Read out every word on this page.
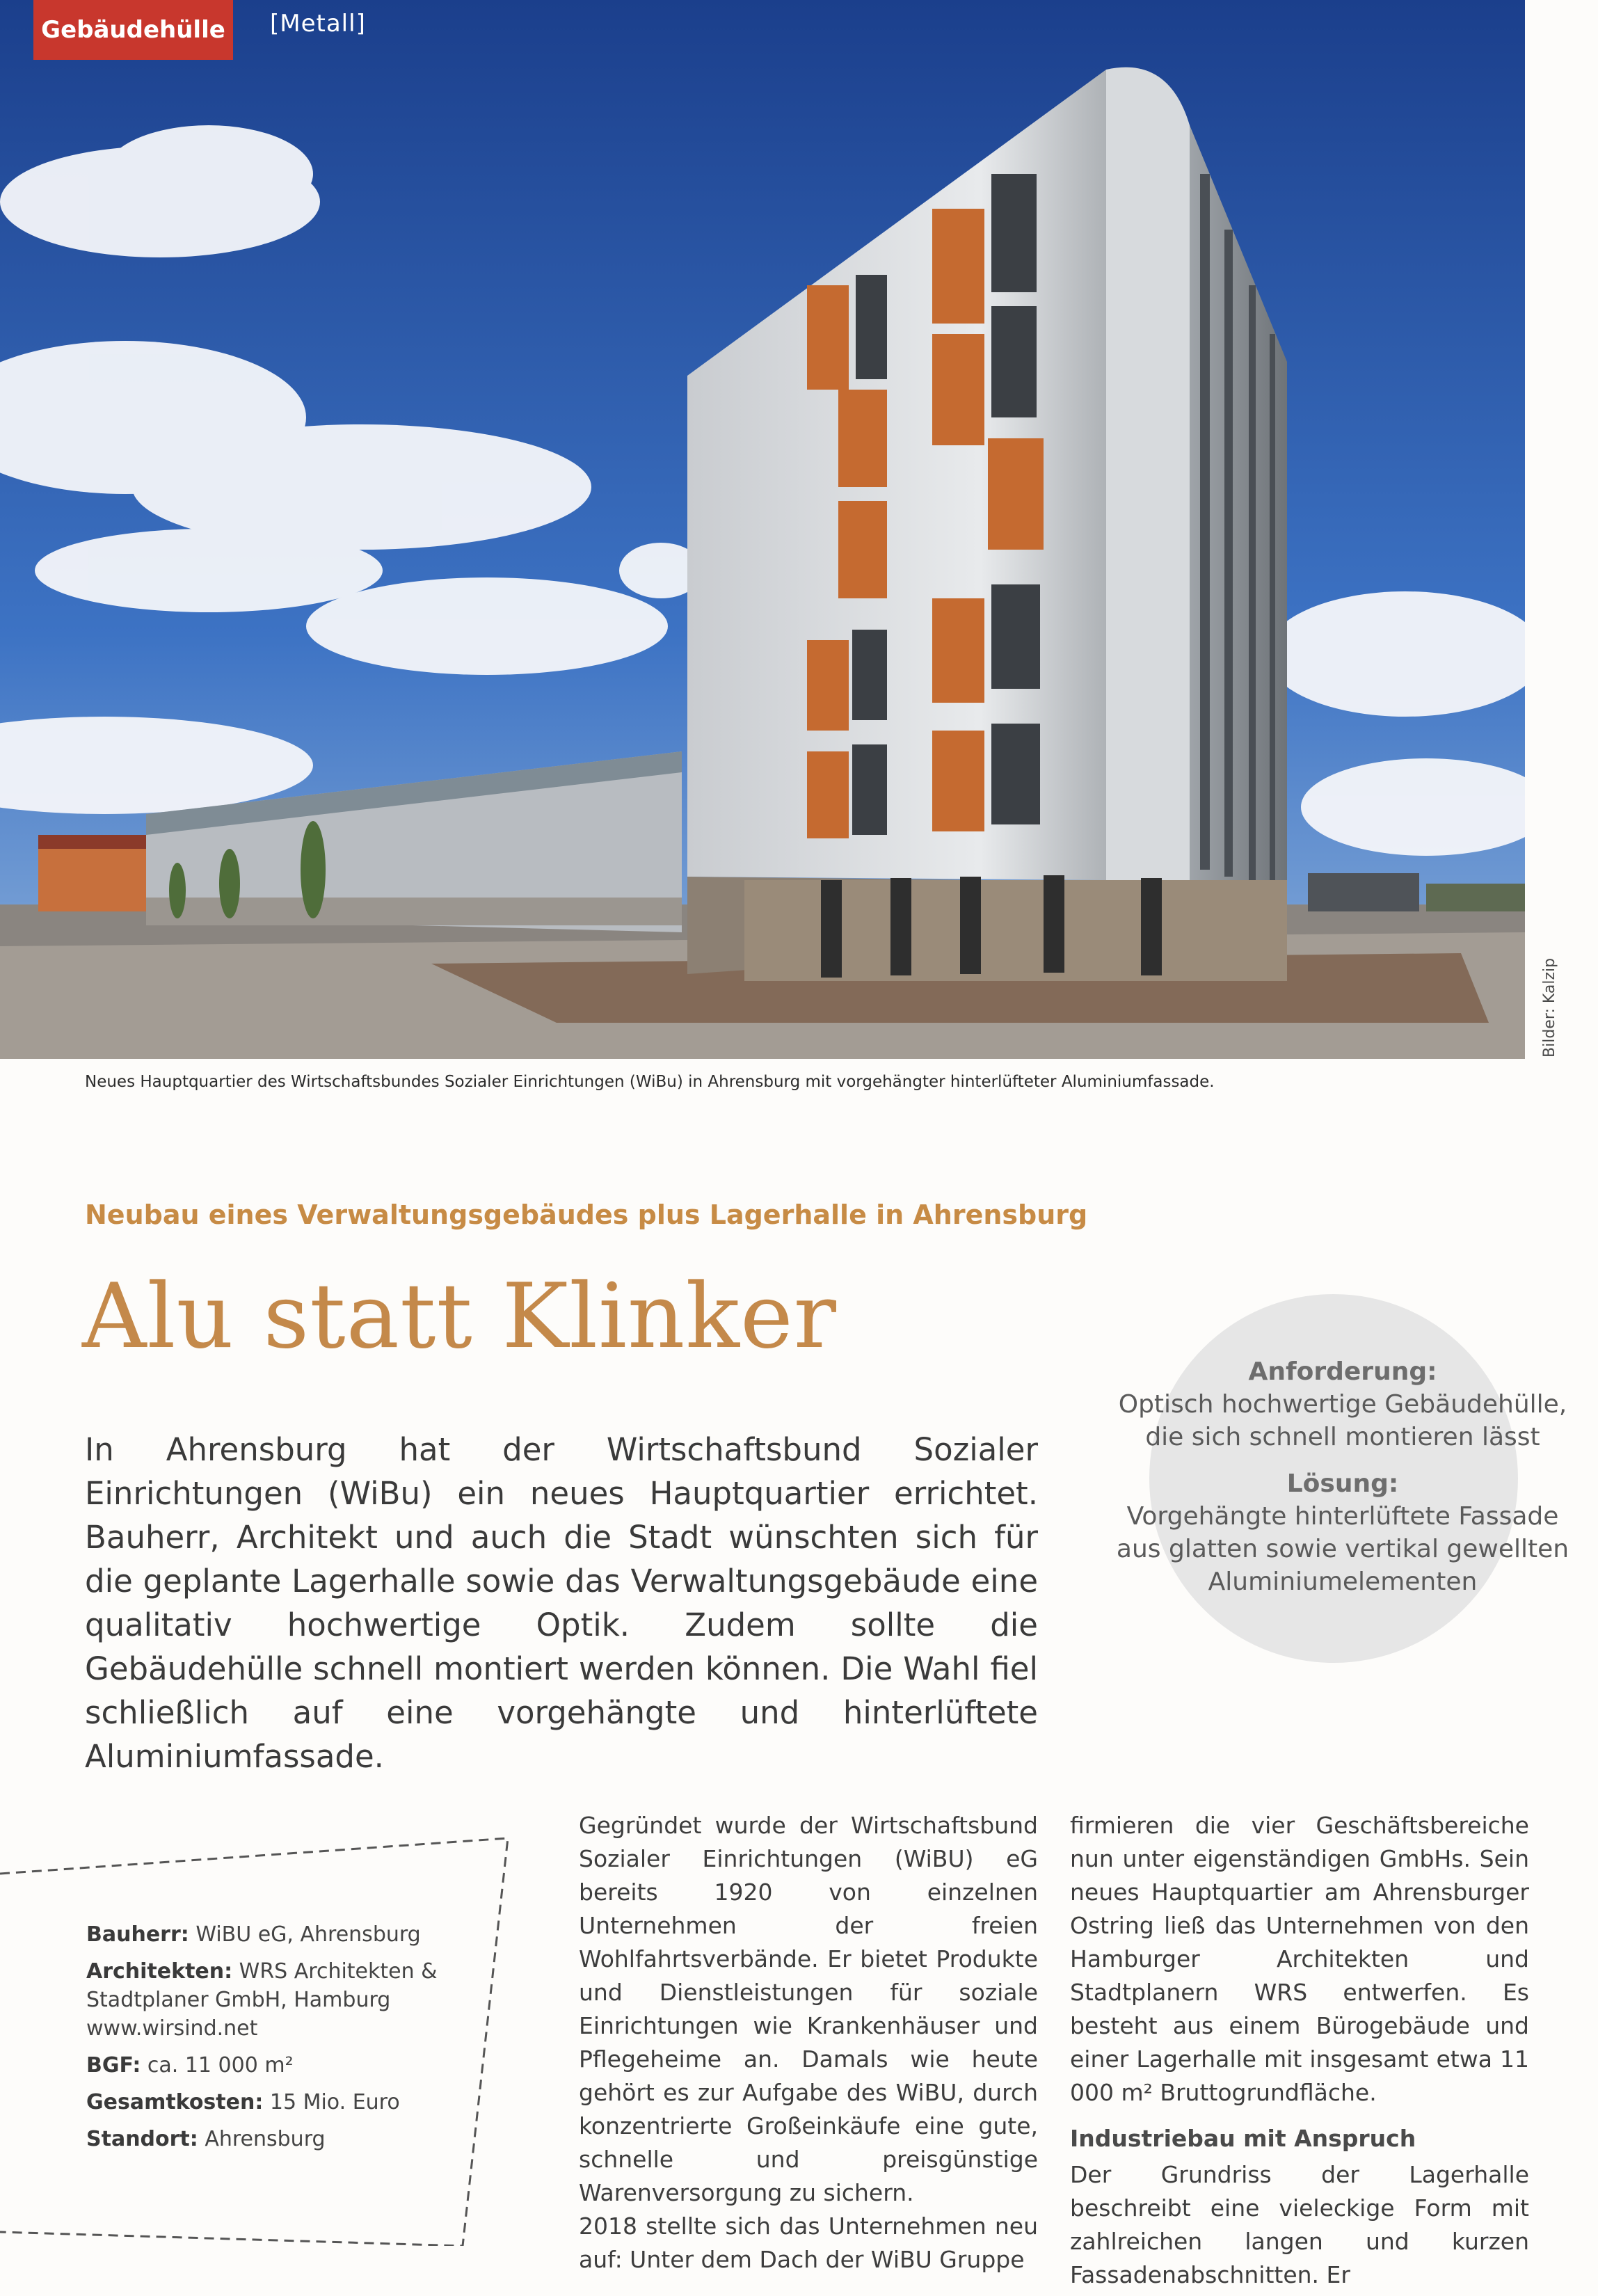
Gebäudehülle	[Metall]
Bilder: Kalzip
Neues Hauptquartier des Wirtschaftsbundes Sozialer Einrichtungen (WiBu) in Ahrensburg mit vorgehängter hinterlüfteter Aluminiumfassade.
Neubau eines Verwaltungsgebäudes plus Lagerhalle in Ahrensburg
Alu statt Klinker
In Ahrensburg hat der Wirtschaftsbund Sozialer Einrichtungen (WiBu) ein neues Hauptquartier errichtet. Bauherr, Architekt und auch die Stadt wünschten sich für die geplante Lagerhalle sowie das Verwaltungsgebäude eine qualitativ hochwertige Optik. Zudem sollte die Gebäudehülle schnell montiert werden können. Die Wahl fiel schließlich auf eine vorgehängte und hinterlüftete Aluminiumfassade.
Anforderung:
Optisch hochwertige Gebäudehülle, die sich schnell montieren lässt
Lösung:
Vorgehängte hinterlüftete Fassade aus glatten sowie vertikal gewellten Aluminiumelementen
Bauherr: WiBU eG, Ahrensburg
Architekten: WRS Architekten & Stadtplaner GmbH, Hamburg
www.wirsind.net
BGF: ca. 11 000 m²
Gesamtkosten: 15 Mio. Euro
Standort: Ahrensburg

Gegründet wurde der Wirtschaftsbund Sozialer Einrichtungen (WiBU) eG bereits 1920 von einzelnen Unternehmen der freien Wohlfahrtsverbände. Er bietet Produkte und Dienstleistungen für soziale Einrichtungen wie Krankenhäuser und Pflegeheime an. Damals wie heute gehört es zur Aufgabe des WiBU, durch konzentrierte Großeinkäufe eine gute, schnelle und preisgünstige Warenversorgung zu sichern.

2018 stellte sich das Unternehmen neu auf: Unter dem Dach der WiBU Gruppe

firmieren die vier Geschäftsbereiche nun unter eigenständigen GmbHs. Sein neues Hauptquartier am Ahrensburger Ostring ließ das Unternehmen von den Hamburger Architekten und Stadtplanern WRS entwerfen. Es besteht aus einem Bürogebäude und einer Lagerhalle mit insgesamt etwa 11 000 m² Bruttogrundfläche.

Industriebau mit Anspruch

Der Grundriss der Lagerhalle beschreibt eine vieleckige Form mit zahlreichen langen und kurzen Fassadenabschnitten. Er
